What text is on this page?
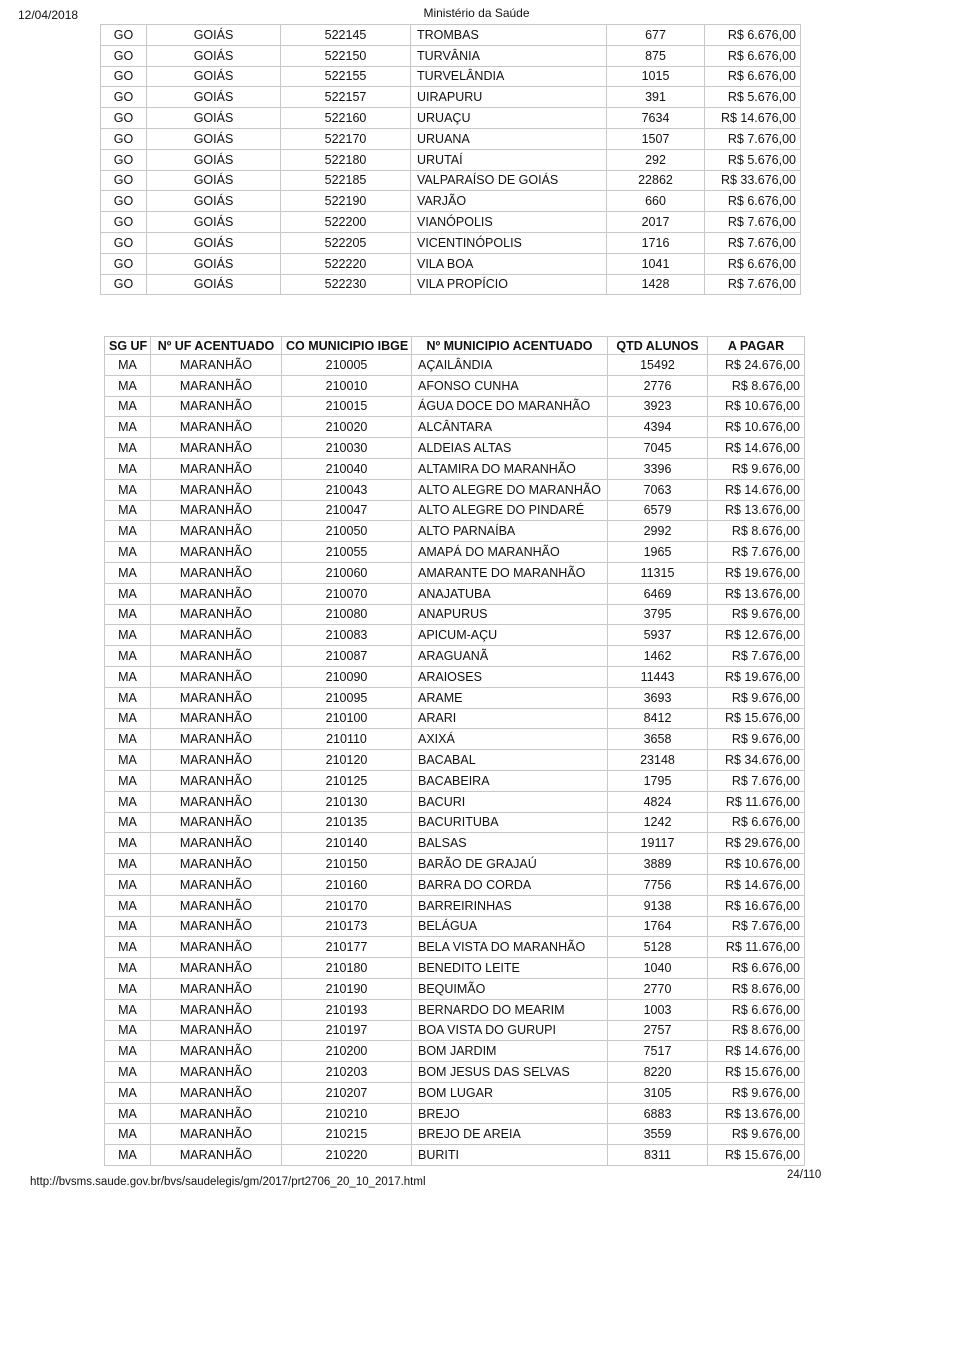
12/04/2018	Ministério da Saúde
GO	GOIÁS	522145	TROMBAS	677	R$ 6.676,00
GO	GOIÁS	522150	TURVÂNIA	875	R$ 6.676,00
GO	GOIÁS	522155	TURVELÂNDIA	1015	R$ 6.676,00
GO	GOIÁS	522157	UIRAPURU	391	R$ 5.676,00
GO	GOIÁS	522160	URUAÇU	7634	R$ 14.676,00
GO	GOIÁS	522170	URUANA	1507	R$ 7.676,00
GO	GOIÁS	522180	URUTAÍ	292	R$ 5.676,00
GO	GOIÁS	522185	VALPARAÍSO DE GOIÁS	22862	R$ 33.676,00
GO	GOIÁS	522190	VARJÃO	660	R$ 6.676,00
GO	GOIÁS	522200	VIANÓPOLIS	2017	R$ 7.676,00
GO	GOIÁS	522205	VICENTINÓPOLIS	1716	R$ 7.676,00
GO	GOIÁS	522220	VILA BOA	1041	R$ 6.676,00
GO	GOIÁS	522230	VILA PROPÍCIO	1428	R$ 7.676,00
SG UF	Nº UF ACENTUADO	CO MUNICIPIO IBGE	Nº MUNICIPIO ACENTUADO	QTD ALUNOS	A PAGAR
MA	MARANHÃO	210005	AÇAILÂNDIA	15492	R$ 24.676,00
MA	MARANHÃO	210010	AFONSO CUNHA	2776	R$ 8.676,00
MA	MARANHÃO	210015	ÁGUA DOCE DO MARANHÃO	3923	R$ 10.676,00
MA	MARANHÃO	210020	ALCÂNTARA	4394	R$ 10.676,00
MA	MARANHÃO	210030	ALDEIAS ALTAS	7045	R$ 14.676,00
MA	MARANHÃO	210040	ALTAMIRA DO MARANHÃO	3396	R$ 9.676,00
MA	MARANHÃO	210043	ALTO ALEGRE DO MARANHÃO	7063	R$ 14.676,00
MA	MARANHÃO	210047	ALTO ALEGRE DO PINDARÉ	6579	R$ 13.676,00
MA	MARANHÃO	210050	ALTO PARNAÍBA	2992	R$ 8.676,00
MA	MARANHÃO	210055	AMAPÁ DO MARANHÃO	1965	R$ 7.676,00
MA	MARANHÃO	210060	AMARANTE DO MARANHÃO	11315	R$ 19.676,00
MA	MARANHÃO	210070	ANAJATUBA	6469	R$ 13.676,00
MA	MARANHÃO	210080	ANAPURUS	3795	R$ 9.676,00
MA	MARANHÃO	210083	APICUM-AÇU	5937	R$ 12.676,00
MA	MARANHÃO	210087	ARAGUANÃ	1462	R$ 7.676,00
MA	MARANHÃO	210090	ARAIOSES	11443	R$ 19.676,00
MA	MARANHÃO	210095	ARAME	3693	R$ 9.676,00
MA	MARANHÃO	210100	ARARI	8412	R$ 15.676,00
MA	MARANHÃO	210110	AXIXÁ	3658	R$ 9.676,00
MA	MARANHÃO	210120	BACABAL	23148	R$ 34.676,00
MA	MARANHÃO	210125	BACABEIRA	1795	R$ 7.676,00
MA	MARANHÃO	210130	BACURI	4824	R$ 11.676,00
MA	MARANHÃO	210135	BACURITUBA	1242	R$ 6.676,00
MA	MARANHÃO	210140	BALSAS	19117	R$ 29.676,00
MA	MARANHÃO	210150	BARÃO DE GRAJAÚ	3889	R$ 10.676,00
MA	MARANHÃO	210160	BARRA DO CORDA	7756	R$ 14.676,00
MA	MARANHÃO	210170	BARREIRINHAS	9138	R$ 16.676,00
MA	MARANHÃO	210173	BELÁGUA	1764	R$ 7.676,00
MA	MARANHÃO	210177	BELA VISTA DO MARANHÃO	5128	R$ 11.676,00
MA	MARANHÃO	210180	BENEDITO LEITE	1040	R$ 6.676,00
MA	MARANHÃO	210190	BEQUIMÃO	2770	R$ 8.676,00
MA	MARANHÃO	210193	BERNARDO DO MEARIM	1003	R$ 6.676,00
MA	MARANHÃO	210197	BOA VISTA DO GURUPI	2757	R$ 8.676,00
MA	MARANHÃO	210200	BOM JARDIM	7517	R$ 14.676,00
MA	MARANHÃO	210203	BOM JESUS DAS SELVAS	8220	R$ 15.676,00
MA	MARANHÃO	210207	BOM LUGAR	3105	R$ 9.676,00
MA	MARANHÃO	210210	BREJO	6883	R$ 13.676,00
MA	MARANHÃO	210215	BREJO DE AREIA	3559	R$ 9.676,00
MA	MARANHÃO	210220	BURITI	8311	R$ 15.676,00
http://bvsms.saude.gov.br/bvs/saudelegis/gm/2017/prt2706_20_10_2017.html
24/110
